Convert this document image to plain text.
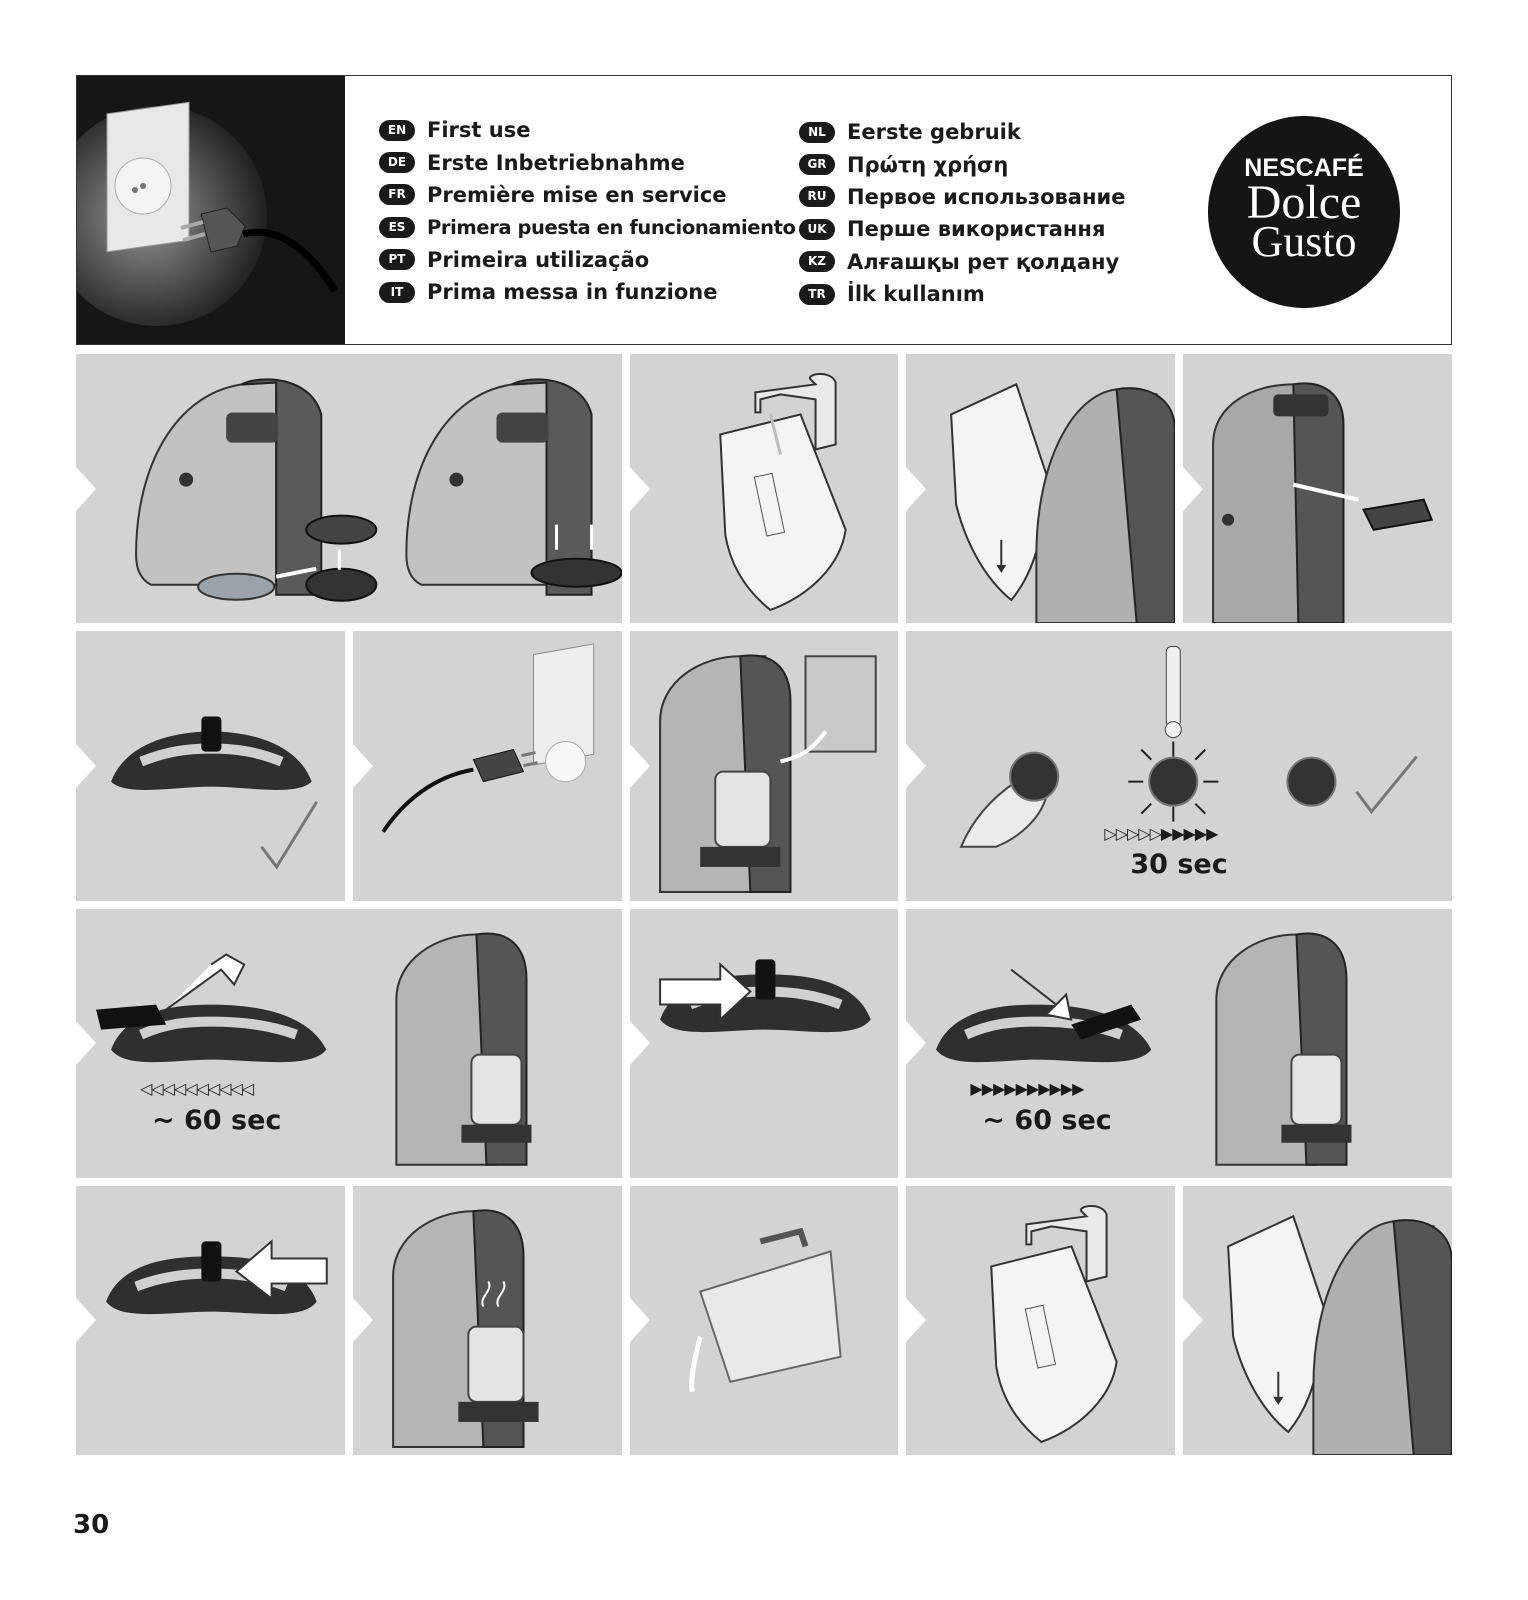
EN First use
DE Erste Inbetriebnahme
FR	Première mise en service
ES	Primera puesta en funcionamiento
PT	Primeira utilização
IT	Prima messa in funzione
NL	Eerste gebruik
GR Πρώτη χρήση
RU Первое использование
UK Перше використання
KZ	Алғашқы рет қолдану
TR	İlk kullanım
NESCAFÉ
Dolce
Gusto
▷▷▷▷▷▶▶▶▶▶
30 sec
◁◁◁◁◁◁◁◁◁◁
~ 60 sec
▶▶▶▶▶▶▶▶▶▶
~ 60 sec
30
